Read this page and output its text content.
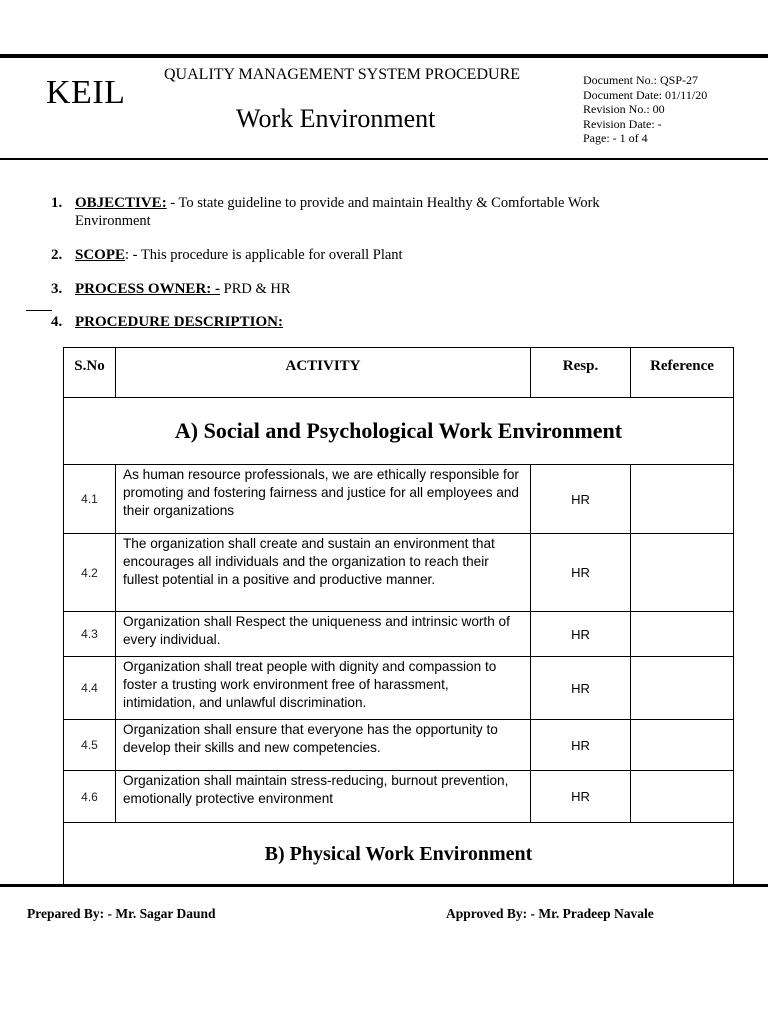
KEIL QUALITY MANAGEMENT SYSTEM PROCEDURE
Work Environment
Document No.: QSP-27
Document Date: 01/11/20
Revision No.: 00
Revision Date: -
Page: - 1 of 4
1. OBJECTIVE: - To state guideline to provide and maintain Healthy & Comfortable Work
Environment
2. SCOPE: - This procedure is applicable for overall Plant
3. PROCESS OWNER: - PRD & HR
4. PROCEDURE DESCRIPTION:
S.No	ACTIVITY	Resp.	Reference
A) Social and Psychological Work Environment			
4.1	As human resource professionals, we are ethically responsible for promoting and fostering fairness and justice for all employees and their organizations	HR	
4.2	The organization shall create and sustain an environment that encourages all individuals and the organization to reach their fullest potential in a positive and productive manner.	HR	
4.3	Organization shall Respect the uniqueness and intrinsic worth of every individual.	HR	
4.4	Organization shall treat people with dignity and compassion to foster a trusting work environment free of harassment, intimidation, and unlawful discrimination.	HR	
4.5	Organization shall ensure that everyone has the opportunity to develop their skills and new competencies.	HR	
4.6	Organization shall maintain stress-reducing, burnout prevention, emotionally protective environment	HR	
B) Physical Work Environment			
Prepared By: - Mr. Sagar Daund	Approved By: - Mr. Pradeep Navale
